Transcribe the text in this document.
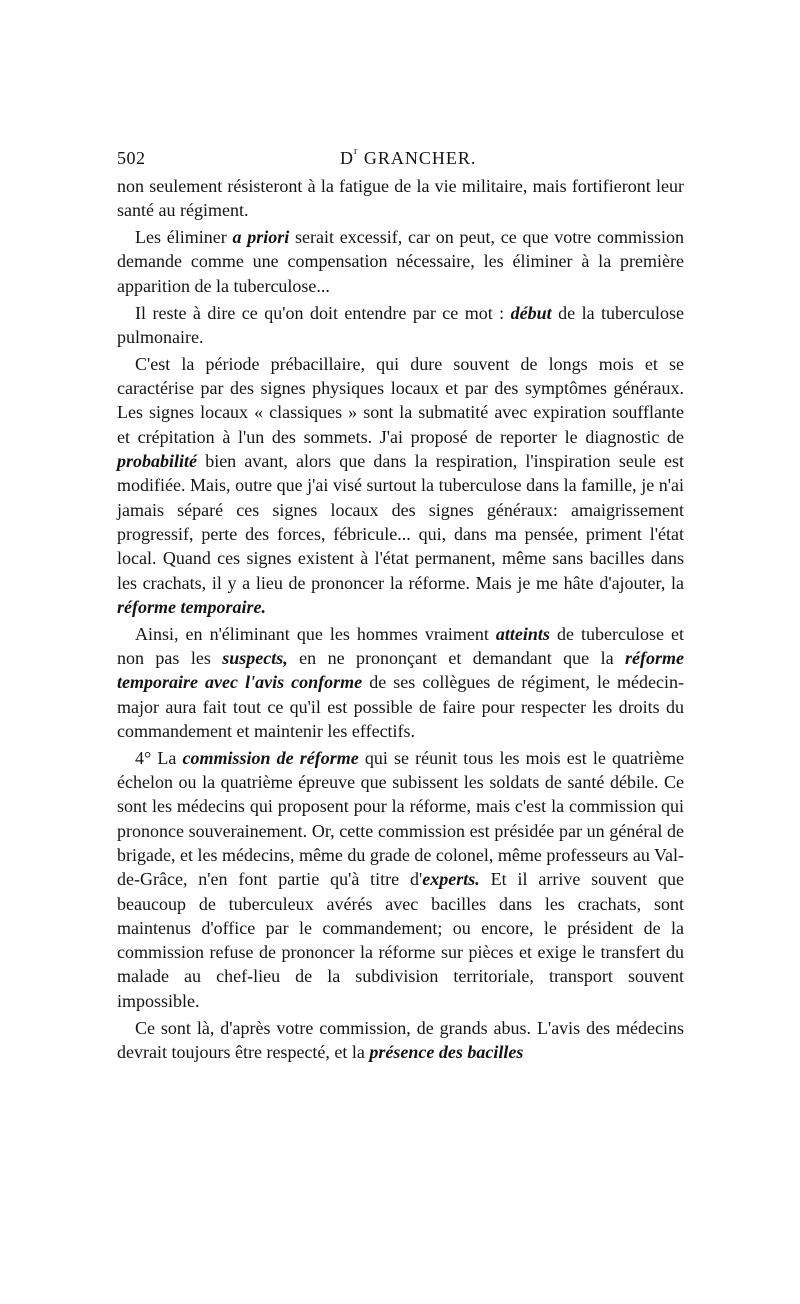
502	$D^r$ GRANCHER.

non seulement résisteront à la fatigue de la vie militaire, mais fortifieront leur santé au régiment.

Les éliminer a priori serait excessif, car on peut, ce que votre commission demande comme une compensation nécessaire, les éliminer à la première apparition de la tuberculose...

Il reste à dire ce qu'on doit entendre par ce mot : début de la tuberculose pulmonaire.

C'est la période prébacillaire, qui dure souvent de longs mois et se caractérise par des signes physiques locaux et par des symptômes généraux. Les signes locaux « classiques » sont la submatité avec expiration soufflante et crépitation à l'un des sommets. J'ai proposé de reporter le diagnostic de probabilité bien avant, alors que dans la respiration, l'inspiration seule est modifiée. Mais, outre que j'ai visé surtout la tuberculose dans la famille, je n'ai jamais séparé ces signes locaux des signes généraux: amaigrissement progressif, perte des forces, fébricule... qui, dans ma pensée, priment l'état local. Quand ces signes existent à l'état permanent, même sans bacilles dans les crachats, il y a lieu de prononcer la réforme. Mais je me hâte d'ajouter, la réforme temporaire.

Ainsi, en n'éliminant que les hommes vraiment atteints de tuberculose et non pas les suspects, en ne prononçant et demandant que la réforme temporaire avec l'avis conforme de ses collègues de régiment, le médecin-major aura fait tout ce qu'il est possible de faire pour respecter les droits du commandement et maintenir les effectifs.

4° La commission de réforme qui se réunit tous les mois est le quatrième échelon ou la quatrième épreuve que subissent les soldats de santé débile. Ce sont les médecins qui proposent pour la réforme, mais c'est la commission qui prononce souverainement. Or, cette commission est présidée par un général de brigade, et les médecins, même du grade de colonel, même professeurs au Val-de-Grâce, n'en font partie qu'à titre d'experts. Et il arrive souvent que beaucoup de tuberculeux avérés avec bacilles dans les crachats, sont maintenus d'office par le commandement; ou encore, le président de la commission refuse de prononcer la réforme sur pièces et exige le transfert du malade au chef-lieu de la subdivision territoriale, transport souvent impossible.

Ce sont là, d'après votre commission, de grands abus. L'avis des médecins devrait toujours être respecté, et la présence des bacilles
